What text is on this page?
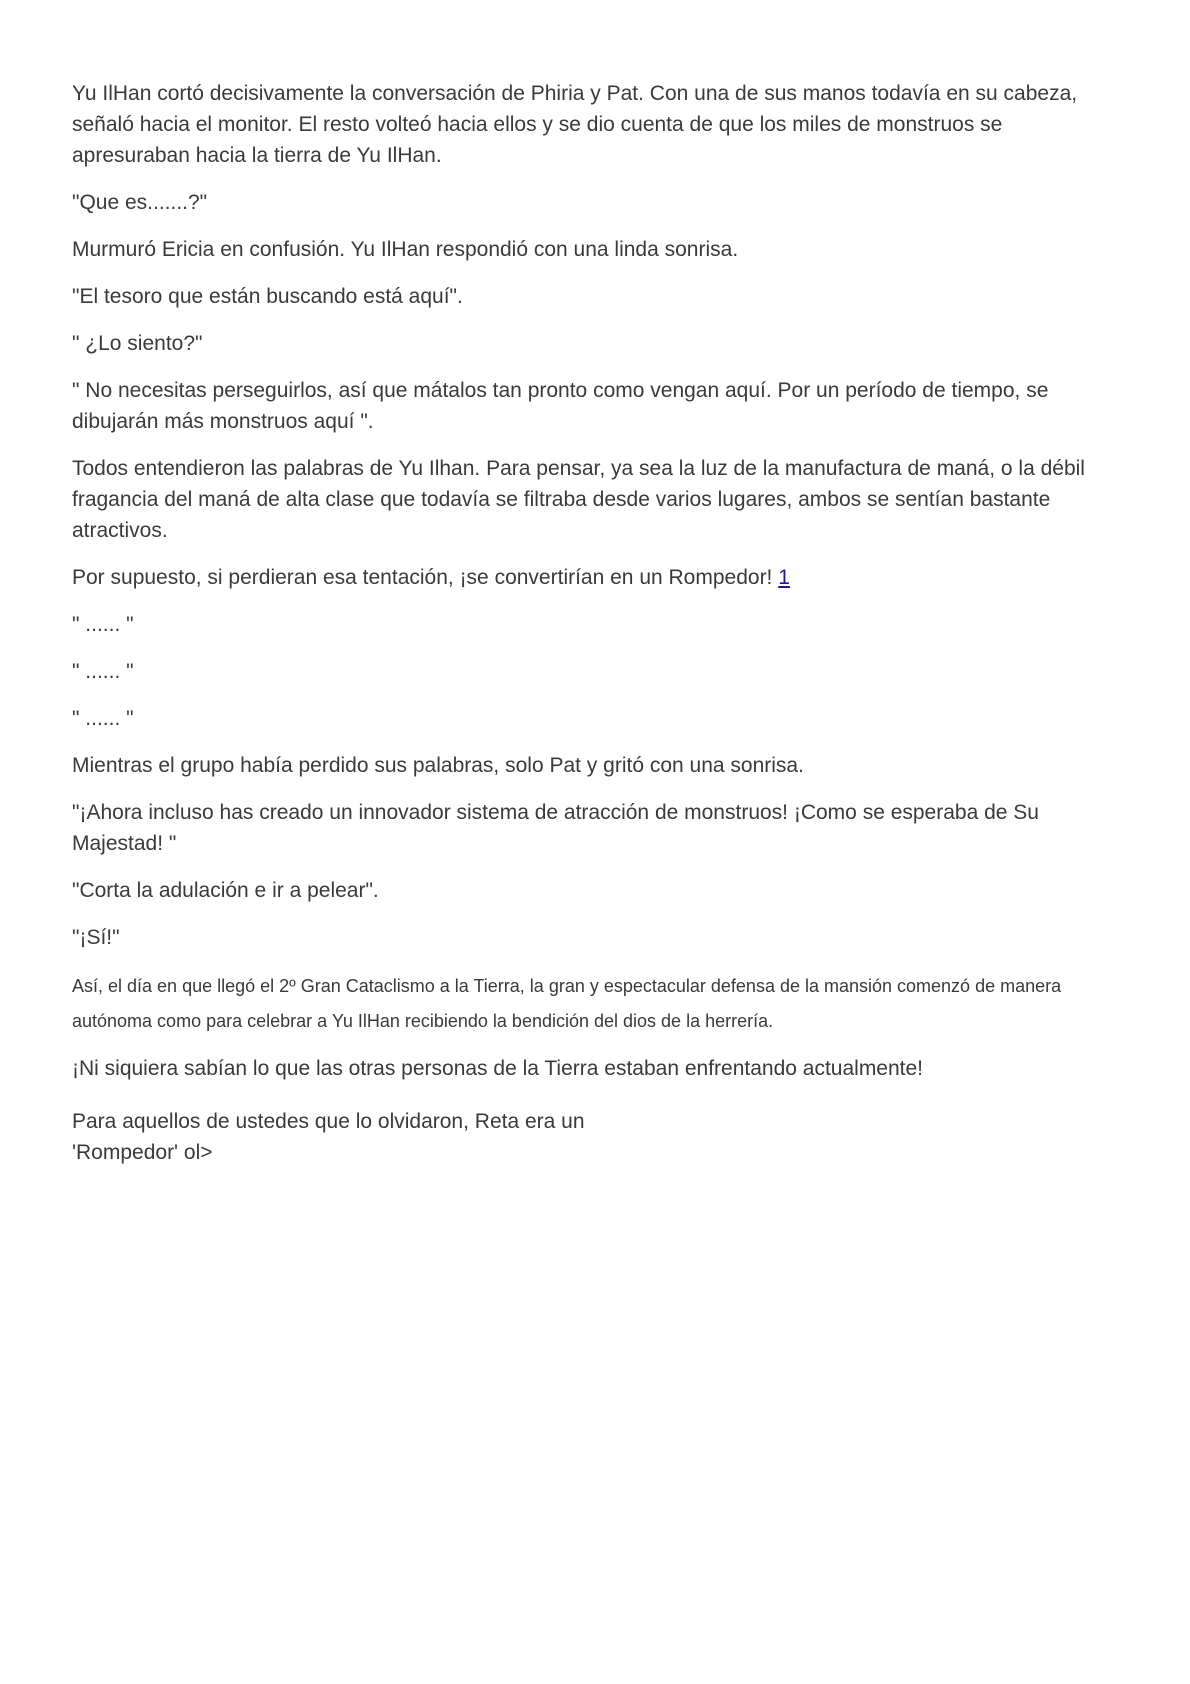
Yu IlHan cortó decisivamente la conversación de Phiria y Pat. Con una de sus manos todavía en su cabeza, señaló hacia el monitor. El resto volteó hacia ellos y se dio cuenta de que los miles de monstruos se apresuraban hacia la tierra de Yu IlHan.

"Que es.......?"

Murmuró Ericia en confusión. Yu IlHan respondió con una linda sonrisa.

"El tesoro que están buscando está aquí".

" ¿Lo siento?"

" No necesitas perseguirlos, así que mátalos tan pronto como vengan aquí. Por un período de tiempo, se dibujarán más monstruos aquí ".

Todos entendieron las palabras de Yu Ilhan. Para pensar, ya sea la luz de la manufactura de maná, o la débil fragancia del maná de alta clase que todavía se filtraba desde varios lugares, ambos se sentían bastante atractivos.

Por supuesto, si perdieran esa tentación, ¡se convertirían en un Rompedor! 1

" ...... "

" ...... "

" ...... "

Mientras el grupo había perdido sus palabras, solo Pat y gritó con una sonrisa.

"¡Ahora incluso has creado un innovador sistema de atracción de monstruos! ¡Como se esperaba de Su Majestad! "

"Corta la adulación e ir a pelear".

"¡Sí!"

Así, el día en que llegó el 2º Gran Cataclismo a la Tierra, la gran y espectacular defensa de la mansión comenzó de manera autónoma como para celebrar a Yu IlHan recibiendo la bendición del dios de la herrería.

¡Ni siquiera sabían lo que las otras personas de la Tierra estaban enfrentando actualmente!

Para aquellos de ustedes que lo olvidaron, Reta era un
'Rompedor' ol>
